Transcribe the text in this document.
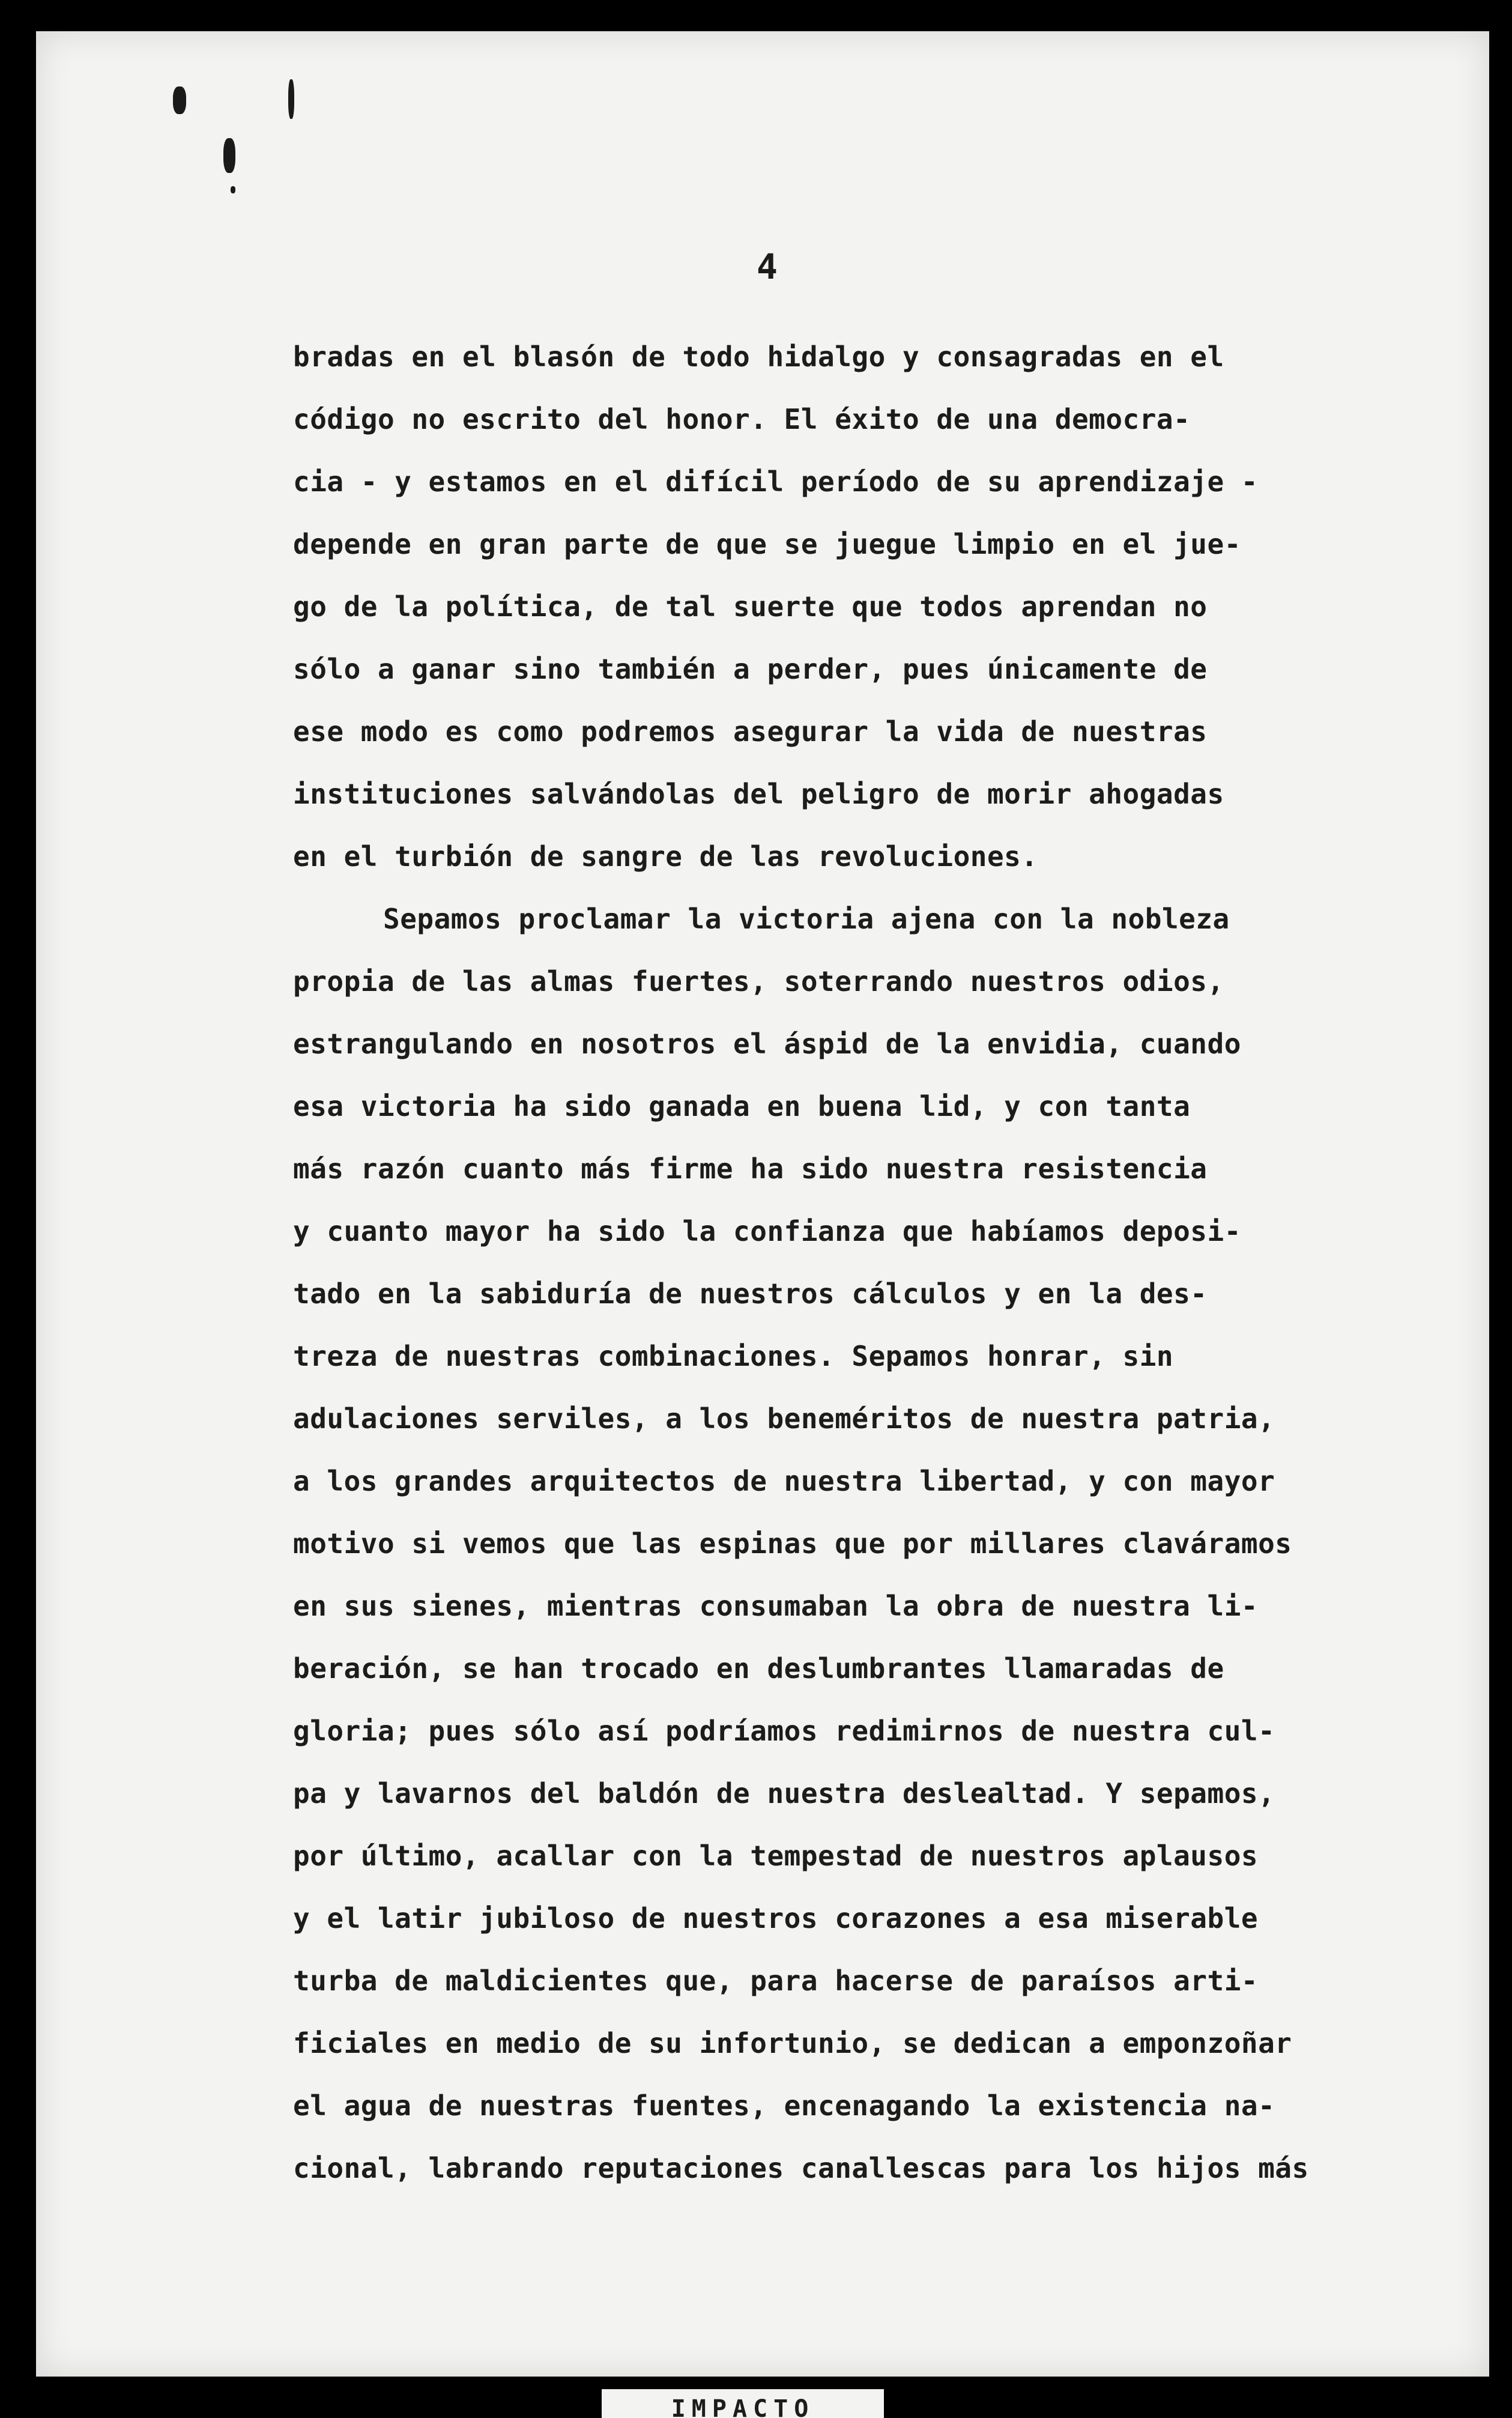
4

bradas en el blasón de todo hidalgo y consagradas en el
código no escrito del honor. El éxito de una democra-
cia - y estamos en el difícil período de su aprendizaje -
depende en gran parte de que se juegue limpio en el jue-
go de la política, de tal suerte que todos aprendan no
sólo a ganar sino también a perder, pues únicamente de
ese modo es como podremos asegurar la vida de nuestras
instituciones salvándolas del peligro de morir ahogadas
en el turbión de sangre de las revoluciones.

Sepamos proclamar la victoria ajena con la nobleza
propia de las almas fuertes, soterrando nuestros odios,
estrangulando en nosotros el áspid de la envidia, cuando
esa victoria ha sido ganada en buena lid, y con tanta
más razón cuanto más firme ha sido nuestra resistencia
y cuanto mayor ha sido la confianza que habíamos deposi-
tado en la sabiduría de nuestros cálculos y en la des-
treza de nuestras combinaciones. Sepamos honrar, sin
adulaciones serviles, a los beneméritos de nuestra patria,
a los grandes arquitectos de nuestra libertad, y con mayor
motivo si vemos que las espinas que por millares claváramos
en sus sienes, mientras consumaban la obra de nuestra li-
beración, se han trocado en deslumbrantes llamaradas de
gloria; pues sólo así podríamos redimirnos de nuestra cul-
pa y lavarnos del baldón de nuestra deslealtad. Y sepamos,
por último, acallar con la tempestad de nuestros aplausos
y el latir jubiloso de nuestros corazones a esa miserable
turba de maldicientes que, para hacerse de paraísos arti-
ficiales en medio de su infortunio, se dedican a emponzoñar
el agua de nuestras fuentes, encenagando la existencia na-
cional, labrando reputaciones canallescas para los hijos más

IMPACTO
